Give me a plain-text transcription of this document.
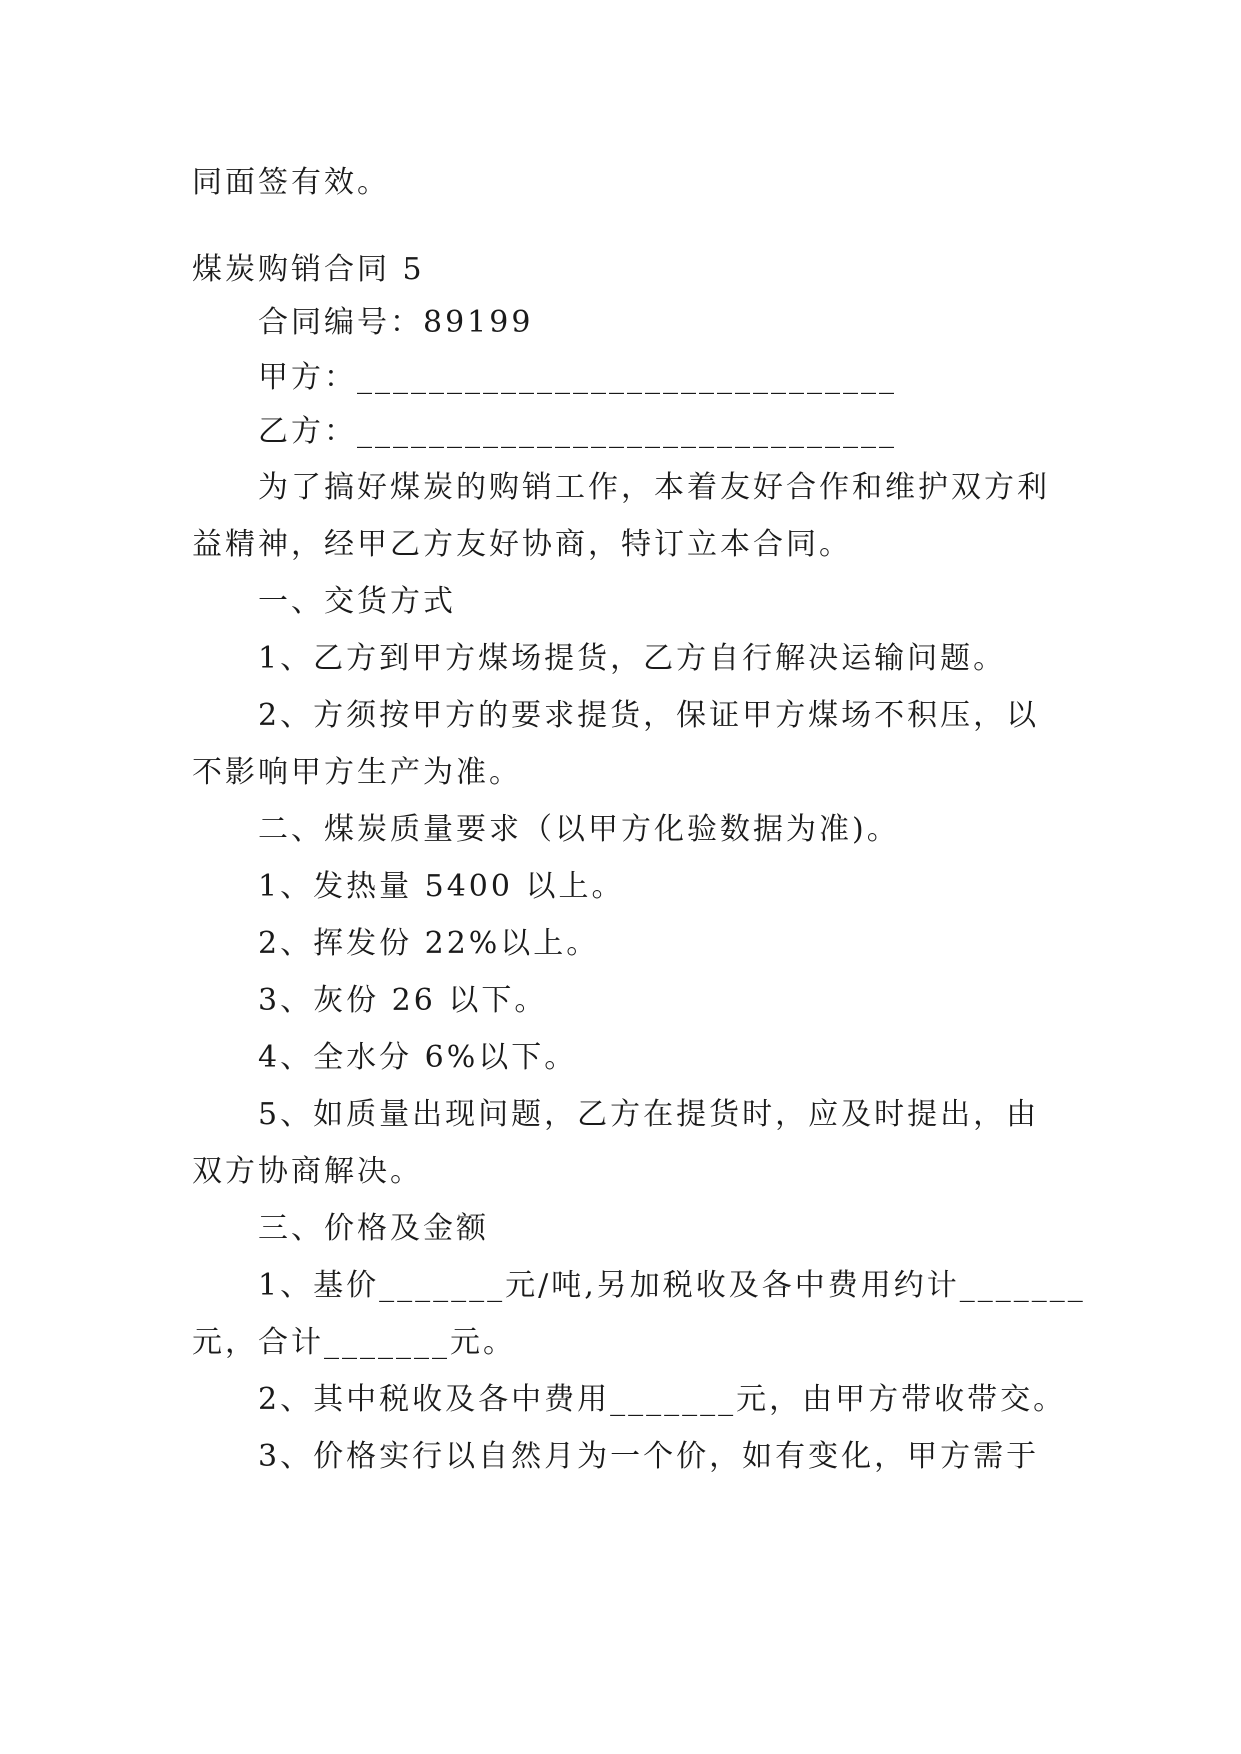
同面签有效。
煤炭购销合同 5
合同编号：89199
甲方：______________________________
乙方：______________________________
为了搞好煤炭的购销工作，本着友好合作和维护双方利
益精神，经甲乙方友好协商，特订立本合同。
一、交货方式
1、乙方到甲方煤场提货，乙方自行解决运输问题。
2、方须按甲方的要求提货，保证甲方煤场不积压，以
不影响甲方生产为准。
二、煤炭质量要求（以甲方化验数据为准)。
1、发热量 5400 以上。
2、挥发份 22%以上。
3、灰份 26 以下。
4、全水分 6%以下。
5、如质量出现问题，乙方在提货时，应及时提出，由
双方协商解决。
三、价格及金额
1、基价_______元/吨,另加税收及各中费用约计_______
元，合计_______元。
2、其中税收及各中费用_______元，由甲方带收带交。
3、价格实行以自然月为一个价，如有变化，甲方需于
